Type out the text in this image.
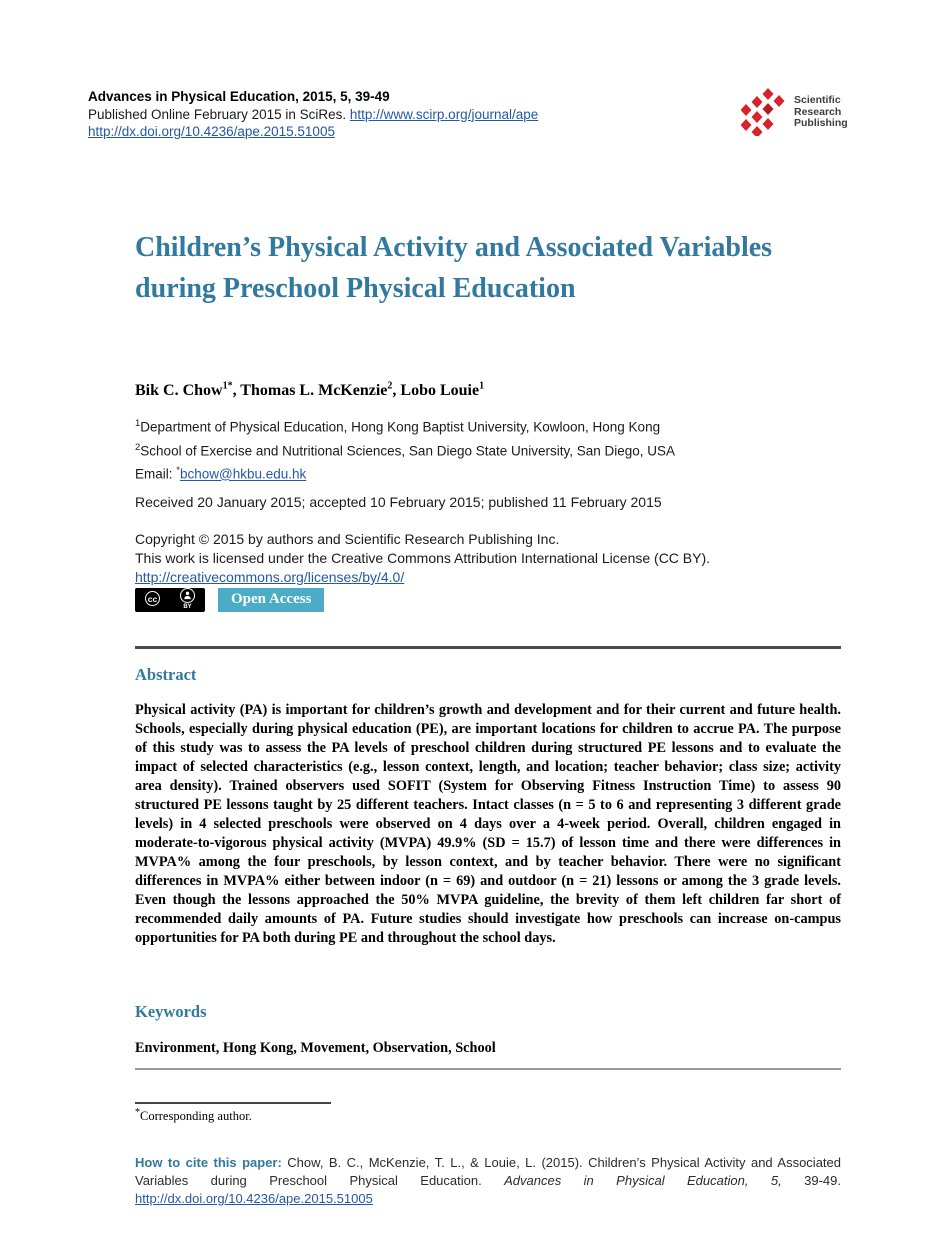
Advances in Physical Education, 2015, 5, 39-49
Published Online February 2015 in SciRes. http://www.scirp.org/journal/ape
http://dx.doi.org/10.4236/ape.2015.51005
Scientific
Research
Publishing
Children’s Physical Activity and Associated Variables during Preschool Physical Education
Bik C. Chow$^{1*}$, Thomas L. McKenzie$^2$, Lobo Louie$^1$
$^1$Department of Physical Education, Hong Kong Baptist University, Kowloon, Hong Kong
$^2$School of Exercise and Nutritional Sciences, San Diego State University, San Diego, USA
Email: *bchow@hkbu.edu.hk
Received 20 January 2015; accepted 10 February 2015; published 11 February 2015
Copyright © 2015 by authors and Scientific Research Publishing Inc.
This work is licensed under the Creative Commons Attribution International License (CC BY).
http://creativecommons.org/licenses/by/4.0/
cc
BY	Open Access
Abstract
Physical activity (PA) is important for children’s growth and development and for their current and future health. Schools, especially during physical education (PE), are important locations for children to accrue PA. The purpose of this study was to assess the PA levels of preschool children during structured PE lessons and to evaluate the impact of selected characteristics (e.g., lesson context, length, and location; teacher behavior; class size; activity area density). Trained observers used SOFIT (System for Observing Fitness Instruction Time) to assess 90 structured PE lessons taught by 25 different teachers. Intact classes (n = 5 to 6 and representing 3 different grade levels) in 4 selected preschools were observed on 4 days over a 4-week period. Overall, children engaged in moderate-to-vigorous physical activity (MVPA) 49.9% (SD = 15.7) of lesson time and there were differences in MVPA% among the four preschools, by lesson context, and by teacher behavior. There were no significant differences in MVPA% either between indoor (n = 69) and outdoor (n = 21) lessons or among the 3 grade levels. Even though the lessons approached the 50% MVPA guideline, the brevity of them left children far short of recommended daily amounts of PA. Future studies should investigate how preschools can increase on-campus opportunities for PA both during PE and throughout the school days.
Keywords
Environment, Hong Kong, Movement, Observation, School
*Corresponding author.
How to cite this paper: Chow, B. C., McKenzie, T. L., & Louie, L. (2015). Children’s Physical Activity and Associated Variables during Preschool Physical Education. Advances in Physical Education, 5, 39-49. http://dx.doi.org/10.4236/ape.2015.51005
